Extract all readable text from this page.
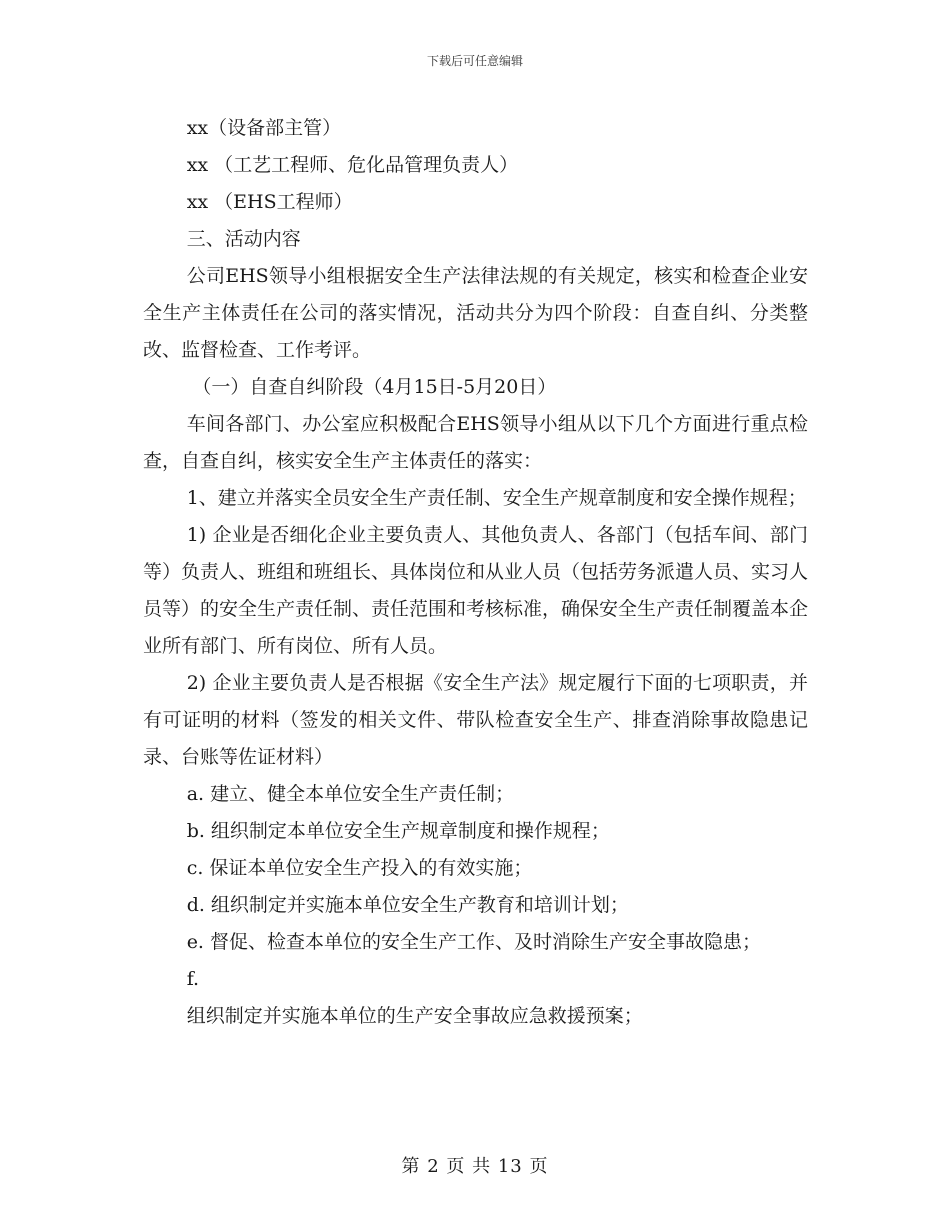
下载后可任意编辑

xx（设备部主管）

xx （工艺工程师、危化品管理负责人）

xx （EHS工程师）

三、活动内容

公司EHS领导小组根据安全生产法律法规的有关规定，核实和检查企业安全生产主体责任在公司的落实情况，活动共分为四个阶段：自查自纠、分类整改、监督检查、工作考评。

（一）自查自纠阶段（4月15日-5月20日）

车间各部门、办公室应积极配合EHS领导小组从以下几个方面进行重点检查，自查自纠，核实安全生产主体责任的落实：

1、建立并落实全员安全生产责任制、安全生产规章制度和安全操作规程；

1) 企业是否细化企业主要负责人、其他负责人、各部门（包括车间、部门等）负责人、班组和班组长、具体岗位和从业人员（包括劳务派遣人员、实习人员等）的安全生产责任制、责任范围和考核标准，确保安全生产责任制覆盖本企业所有部门、所有岗位、所有人员。

2) 企业主要负责人是否根据《安全生产法》规定履行下面的七项职责，并有可证明的材料（签发的相关文件、带队检查安全生产、排查消除事故隐患记录、台账等佐证材料）

a. 建立、健全本单位安全生产责任制；

b. 组织制定本单位安全生产规章制度和操作规程；

c. 保证本单位安全生产投入的有效实施；

d. 组织制定并实施本单位安全生产教育和培训计划；

e. 督促、检查本单位的安全生产工作、及时消除生产安全事故隐患；

f.

组织制定并实施本单位的生产安全事故应急救援预案；

第 2 页 共 13 页
